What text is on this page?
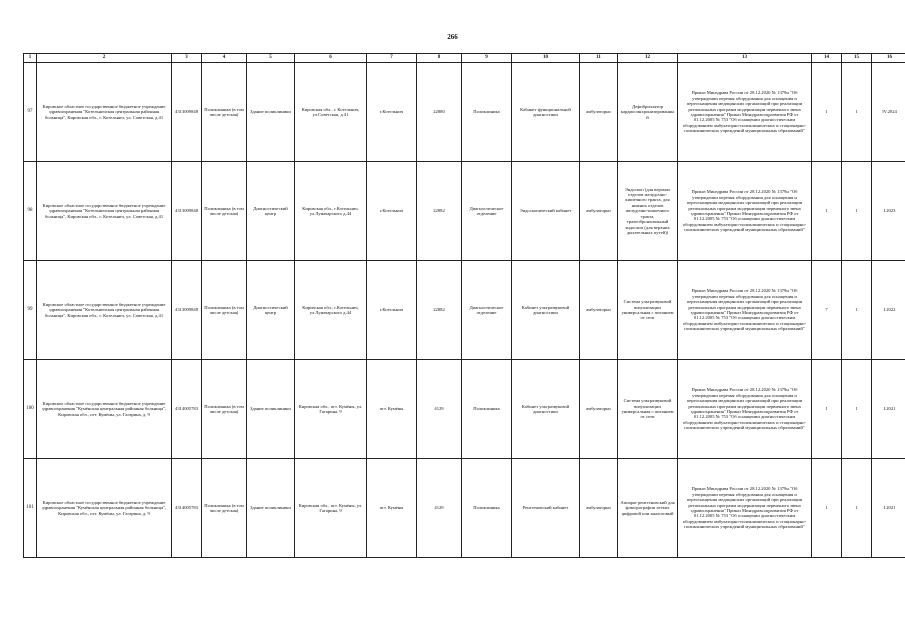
266
1	2	3	4	5	6	7	8	9	10	11	12	13	14	15	16
97	Кировское областное государственное бюджетное учреждение здравоохранения "Котельничская центральная районная больница", Кировская обл., г. Котельнич, ул. Советская, д.41	4313009848	Поликлиника (в том числе детская)	Здание поликлиники	Кировская обл., г. Котельнич, ул.Советская, д.41	г.Котельнич	22880	Поликлиника	Кабинет функциональной диагностики	амбулаторно	Дефибриллятор кардиосинхронизированный	Приказ Минздрава России от 28.12.2020 № 1379н "Об утверждении перечня оборудования для оснащения и переоснащения медицинских организаций при реализации региональных программ модернизации первичного звена здравоохранения" Приказ Минздравсоцразвития РФ от 01.12.2005 № 753 "Об оснащении диагностическим оборудованием амбулаторно-поликлинических и стационарно-поликлинических учреждений муниципальных образований"	1	1	IV.2024
98	Кировское областное государственное бюджетное учреждение здравоохранения "Котельничская центральная районная больница", Кировская обл., г. Котельнич, ул. Советская, д.41	4313009848	Поликлиника (в том числе детская)	Диагностический центр	Кировская обл., г.Котельнич, ул.Луначарского д.44	г.Котельнич	22882	Диагностическое отделение	Эндоскопический кабинет	амбулаторно	Эндоскоп (для верхних отделов желудочно-кишечного тракта, для нижних отделов желудочно-кишечного тракта, трахеобронхиальный эндоскоп (для верхних дыхательных путей))	Приказ Минздрава России от 28.12.2020 № 1379н "Об утверждении перечня оборудования для оснащения и переоснащения медицинских организаций при реализации региональных программ модернизации первичного звена здравоохранения" Приказ Минздравсоцразвития РФ от 01.12.2005 № 753 "Об оснащении диагностическим оборудованием амбулаторно-поликлинических и стационарно-поликлинических учреждений муниципальных образований"	1	1	I.2023
99	Кировское областное государственное бюджетное учреждение здравоохранения "Котельничская центральная районная больница", Кировская обл., г. Котельнич, ул. Советская, д.41	4313009848	Поликлиника (в том числе детская)	Диагностический центр	Кировская обл., г.Котельнич, ул.Луначарского д.44	г.Котельнич	22882	Диагностическое отделение	Кабинет ультразвуковой диагностики	амбулаторно	Система ультразвуковой визуализации универсальная с питанием от сети	Приказ Минздрава России от 28.12.2020 № 1379н "Об утверждении перечня оборудования для оснащения и переоснащения медицинских организаций при реализации региональных программ модернизации первичного звена здравоохранения" Приказ Минздравсоцразвития РФ от 01.12.2005 № 753 "Об оснащении диагностическим оборудованием амбулаторно-поликлинических и стационарно-поликлинических учреждений муниципальных образований"	7	1	I.2022
100	Кировское областное государственное бюджетное учреждение здравоохранения "Кумёнская центральная районная больница", Кировская обл., пгт. Кумёны, ул. Гагарина, д. 9	4314005783	Поликлиника (в том числе детская)	Здание поликлиники	Кировская обл., пгт. Кумёны, ул. Гагарина, 9	пгт. Кумёны	4129	Поликлиника	Кабинет ультразвуковой диагностики	амбулаторно	Система ультразвуковой визуализации универсальная с питанием от сети	Приказ Минздрава России от 28.12.2020 № 1379н "Об утверждении перечня оборудования для оснащения и переоснащения медицинских организаций при реализации региональных программ модернизации первичного звена здравоохранения" Приказ Минздравсоцразвития РФ от 01.12.2005 № 753 "Об оснащении диагностическим оборудованием амбулаторно-поликлинических и стационарно-поликлинических учреждений муниципальных образований"	1	1	I.2021
101	Кировское областное государственное бюджетное учреждение здравоохранения "Кумёнская центральная районная больница", Кировская обл., пгт. Кумёны, ул. Гагарина, д. 9	4314005783	Поликлиника (в том числе детская)	Здание поликлиники	Кировская обл., пгт. Кумёны, ул. Гагарина, 9	пгт. Кумёны	4129	Поликлиника	Рентгеновский кабинет	амбулаторно	Аппарат рентгеновский для флюорографии легких цифровой или аналоговый	Приказ Минздрава России от 28.12.2020 № 1379н "Об утверждении перечня оборудования для оснащения и переоснащения медицинских организаций при реализации региональных программ модернизации первичного звена здравоохранения" Приказ Минздравсоцразвития РФ от 01.12.2005 № 753 "Об оснащении диагностическим оборудованием амбулаторно-поликлинических и стационарно-поликлинических учреждений муниципальных образований"	1	1	I.2021
